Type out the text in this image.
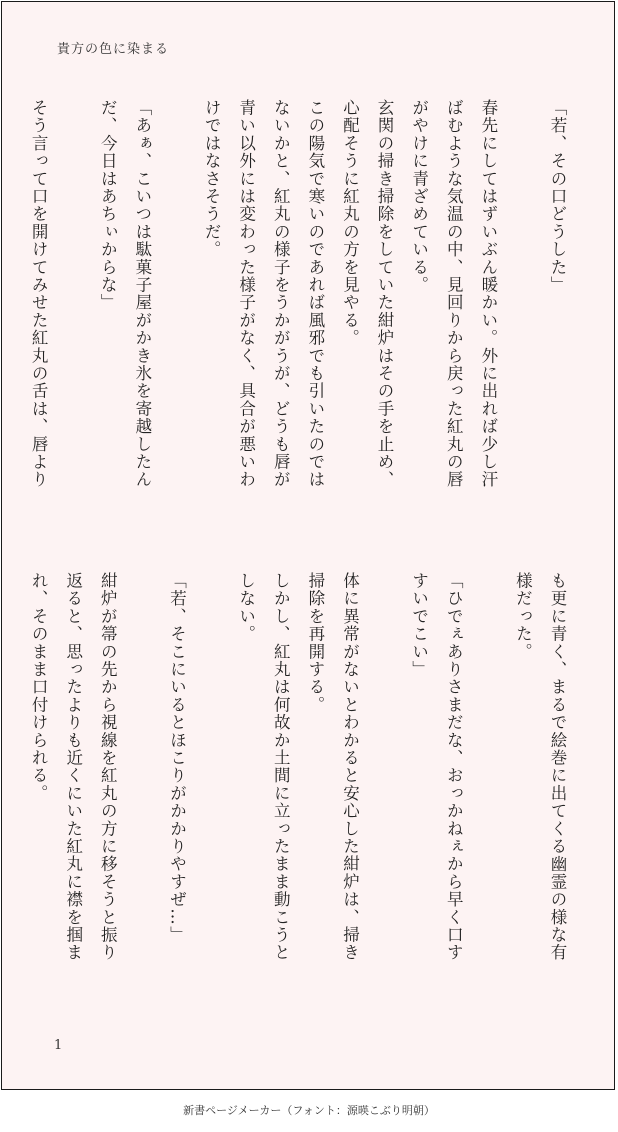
貴方の色に染まる
「若、その口どうした」

春先にしてはずいぶん暖かい。外に出れば少し汗
ばむような気温の中、見回りから戻った紅丸の唇
がやけに青ざめている。
玄関の掃き掃除をしていた紺炉はその手を止め、
心配そうに紅丸の方を見やる。
この陽気で寒いのであれば風邪でも引いたのでは
ないかと、紅丸の様子をうかがうが、どうも唇が
青い以外には変わった様子がなく、具合が悪いわ
けではなさそうだ。

「あぁ、こいつは駄菓子屋がかき氷を寄越したん
だ、今日はあちぃからな」

そう言って口を開けてみせた紅丸の舌は、唇より
も更に青く、まるで絵巻に出てくる幽霊の様な有
様だった。

「ひでぇありさまだな、おっかねぇから早く口す
すいでこい」

体に異常がないとわかると安心した紺炉は、掃き
掃除を再開する。
しかし、紅丸は何故か土間に立ったまま動こうと
しない。

「若、そこにいるとほこりがかかりやすぜ…」

紺炉が箒の先から視線を紅丸の方に移そうと振り
返ると、思ったよりも近くにいた紅丸に襟を掴ま
れ、そのまま口付けられる。
1
新書ページメーカー（フォント：源暎こぶり明朝）
